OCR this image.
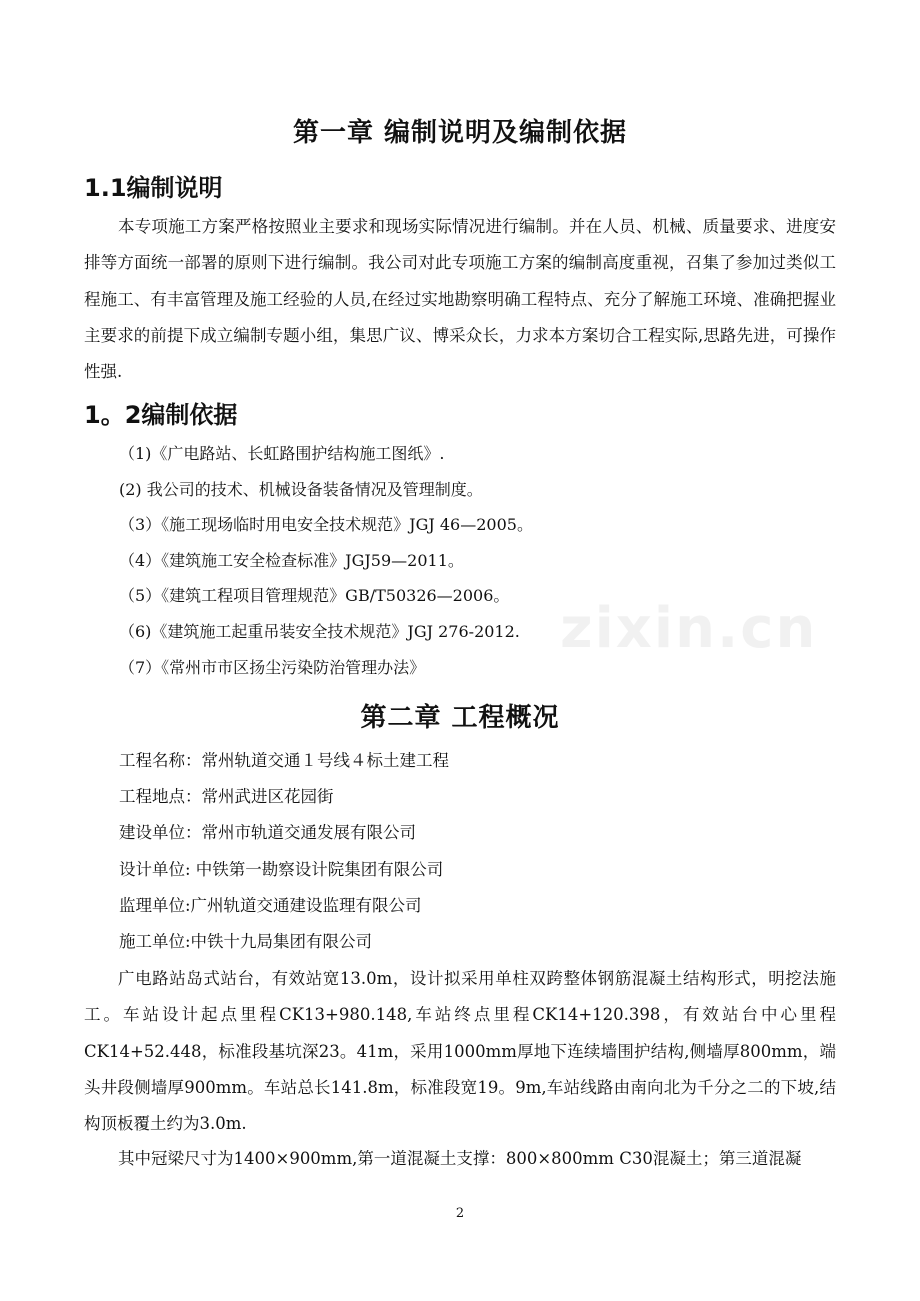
第一章 编制说明及编制依据
1.1编制说明

本专项施工方案严格按照业主要求和现场实际情况进行编制。并在人员、机械、质量要求、进度安排等方面统一部署的原则下进行编制。我公司对此专项施工方案的编制高度重视，召集了参加过类似工程施工、有丰富管理及施工经验的人员,在经过实地勘察明确工程特点、充分了解施工环境、准确把握业主要求的前提下成立编制专题小组，集思广议、博采众长，力求本方案切合工程实际,思路先进，可操作性强.

1。2编制依据
（1)《广电路站、长虹路围护结构施工图纸》.
(2) 我公司的技术、机械设备装备情况及管理制度。
（3）《施工现场临时用电安全技术规范》JGJ 46—2005。
（4）《建筑施工安全检查标准》JGJ59—2011。
（5）《建筑工程项目管理规范》GB/T50326—2006。
（6)《建筑施工起重吊装安全技术规范》JGJ 276-2012.
（7）《常州市市区扬尘污染防治管理办法》
第二章 工程概况
工程名称：常州轨道交通１号线４标土建工程
工程地点：常州武进区花园街
建设单位：常州市轨道交通发展有限公司
设计单位: 中铁第一勘察设计院集团有限公司
监理单位:广州轨道交通建设监理有限公司
施工单位:中铁十九局集团有限公司

广电路站岛式站台，有效站宽13.0m，设计拟采用单柱双跨整体钢筋混凝土结构形式，明挖法施工。车站设计起点里程CK13+980.148,车站终点里程CK14+120.398，有效站台中心里程CK14+52.448，标准段基坑深23。41m，采用1000mm厚地下连续墙围护结构,侧墙厚800mm，端头井段侧墙厚900mm。车站总长141.8m，标准段宽19。9m,车站线路由南向北为千分之二的下坡,结构顶板覆土约为3.0m.

其中冠梁尺寸为1400×900mm,第一道混凝土支撑：800×800mm C30混凝土；第三道混凝

2
zixin.cn
